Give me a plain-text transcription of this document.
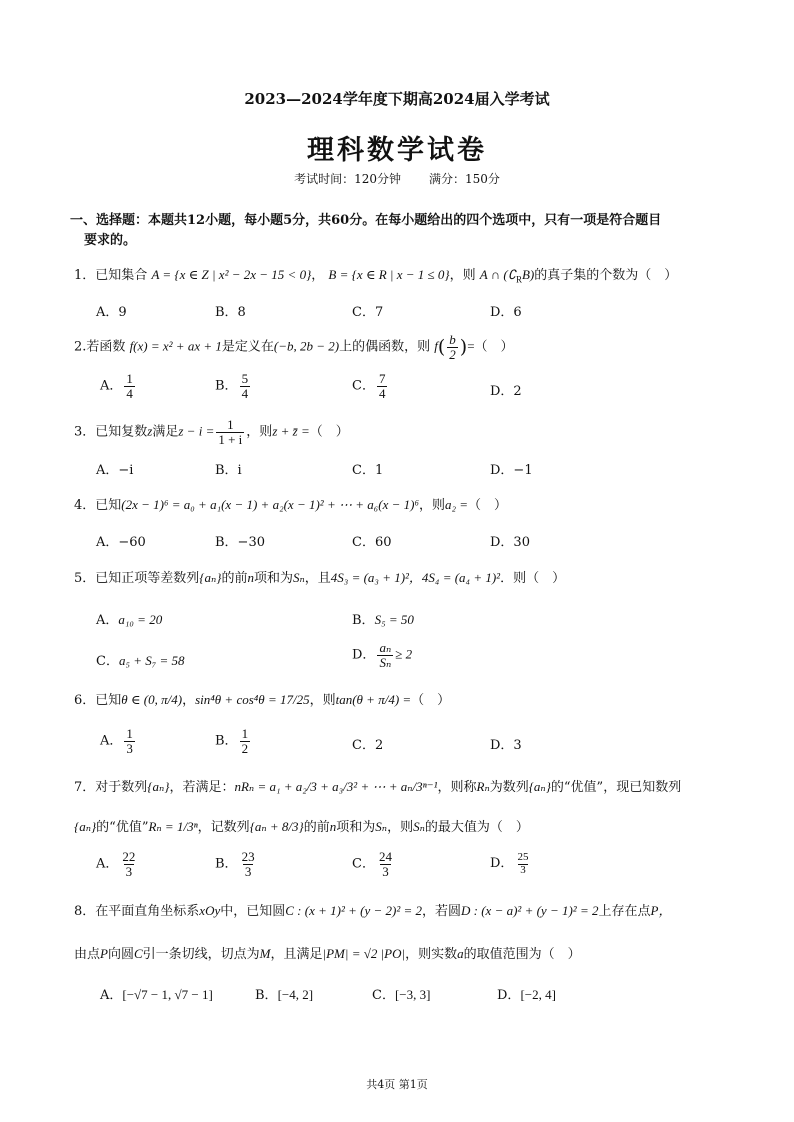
2023—2024学年度下期高2024届入学考试
理科数学试卷
考试时间：120分钟 满分：150分
一、选择题：本题共12小题，每小题5分，共60分。在每小题给出的四个选项中，只有一项是符合题目
要求的。
1．已知集合 A = {x ∈ Z | x² − 2x − 15 < 0}， B = {x ∈ R | x − 1 ≤ 0}，则 A ∩ $(∁_RB)$的真子集的个数为（　）
A．9	B．8	C．7	D．6
2.若函数 f(x) = x² + ax + 1是定义在(−b, 2b − 2)上的偶函数，则 $f( \frac{b}{2}$ )=（　）
A． $\frac{1}{4}$	B． $\frac{5}{4}$	C． $\frac{7}{4}$	D．2
3．已知复数z满足$z - i = \frac{1}{1 + i}$ ，则z + z̄ =（　）
A．−i	B．i	C．1	D．−1
4．已知(2x − 1)⁶ = a₀ + a₁(x − 1) + a₂(x − 1)² + ⋯ + a₆(x − 1)⁶，则a₂ =（　）
A．−60	B．−30	C．60	D．30
5．已知正项等差数列{aₙ}的前n项和为Sₙ，且4S₃ = (a₃ + 1)²，4S₄ = (a₄ + 1)²．则（　）
A．a₁₀ = 20	B．S₅ = 50
C．a₅ + S₇ = 58	D． $\frac{\text{aₙ}}{\text{Sₙ}} \ge 2$
6．已知θ ∈ (0, π/4)，sin⁴θ + cos⁴θ = 17/25，则tan(θ + π/4) =（　）
A． $\frac{1}{3}$	B． $\frac{1}{2}$	C．2	D．3
7．对于数列{aₙ}，若满足：nRₙ = a₁ + a₂/3 + a₃/3² + ⋯ + aₙ/3ⁿ⁻¹，则称Rₙ为数列{aₙ}的“优值”，现已知数列
{aₙ}的“优值”Rₙ = 1/3ⁿ，记数列{aₙ + 8/3}的前n项和为Sₙ，则Sₙ的最大值为（　）
A． $\frac{22}{3}$	B． $\frac{23}{3}$	C． $\frac{24}{3}$	D． $\frac{25}{3}$
8．在平面直角坐标系xOy中，已知圆C : (x + 1)² + (y − 2)² = 2，若圆D : (x − a)² + (y − 1)² = 2上存在点P，
由点P向圆C引一条切线，切点为M，且满足|PM| = √2 |PO|，则实数a的取值范围为（　）
A．[−√7 − 1, √7 − 1]	B．[−4, 2]	C．[−3, 3]	D．[−2, 4]
共4页 第1页
